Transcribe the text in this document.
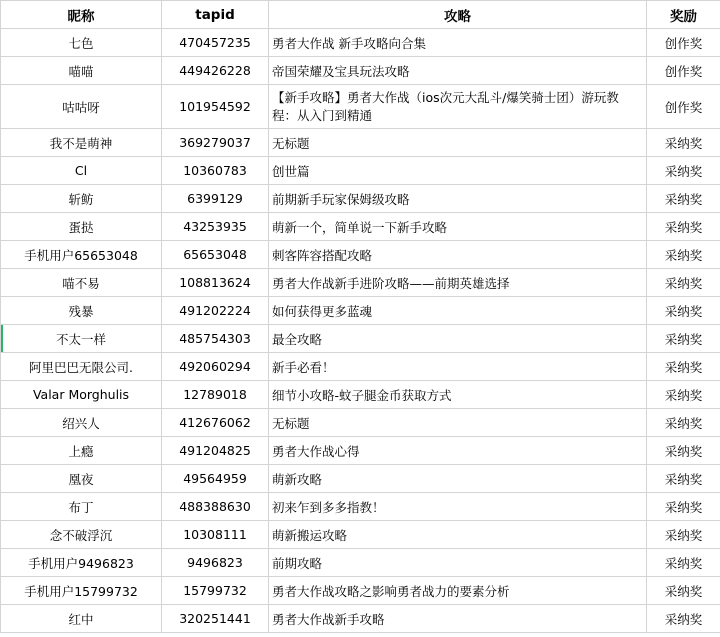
昵称	tapid	攻略	奖励
七色	470457235	勇者大作战 新手攻略向合集	创作奖
喵喵	449426228	帝国荣耀及宝具玩法攻略	创作奖
咕咕呀	101954592	【新手攻略】勇者大作战（ios次元大乱斗/爆笑骑士团）游玩教程：从入门到精通	创作奖
我不是萌神	369279037	无标题	采纳奖
Cl	10360783	创世篇	采纳奖
斩鲂	6399129	前期新手玩家保姆级攻略	采纳奖
蛋挞	43253935	萌新一个，简单说一下新手攻略	采纳奖
手机用户65653048	65653048	刺客阵容搭配攻略	采纳奖
喵不易	108813624	勇者大作战新手进阶攻略——前期英雄选择	采纳奖
残暴	491202224	如何获得更多蓝魂	采纳奖
不太一样	485754303	最全攻略	采纳奖
阿里巴巴无限公司.	492060294	新手必看！	采纳奖
Valar Morghulis	12789018	细节小攻略-蚊子腿金币获取方式	采纳奖
绍兴人	412676062	无标题	采纳奖
上瘾	491204825	勇者大作战心得	采纳奖
凰夜	49564959	萌新攻略	采纳奖
布丁	488388630	初来乍到多多指教！	采纳奖
念不破浮沉	10308111	萌新搬运攻略	采纳奖
手机用户9496823	9496823	前期攻略	采纳奖
手机用户15799732	15799732	勇者大作战攻略之影响勇者战力的要素分析	采纳奖
红中	320251441	勇者大作战新手攻略	采纳奖
